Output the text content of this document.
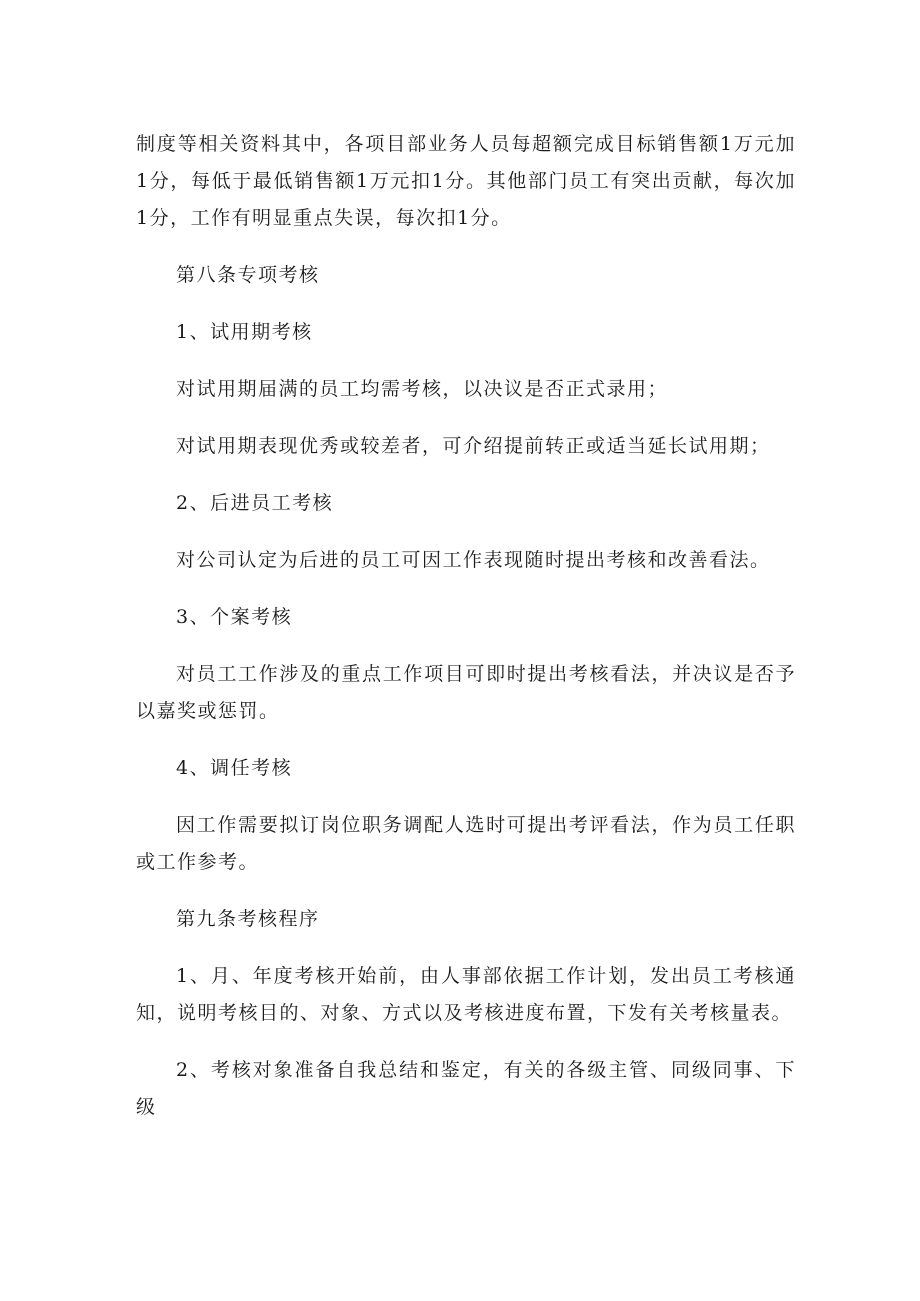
制度等相关资料其中，各项目部业务人员每超额完成目标销售额1万元加1分，每低于最低销售额1万元扣1分。其他部门员工有突出贡献，每次加1分，工作有明显重点失误，每次扣1分。

第八条专项考核

1、试用期考核

对试用期届满的员工均需考核，以决议是否正式录用；

对试用期表现优秀或较差者，可介绍提前转正或适当延长试用期；

2、后进员工考核

对公司认定为后进的员工可因工作表现随时提出考核和改善看法。

3、个案考核

对员工工作涉及的重点工作项目可即时提出考核看法，并决议是否予以嘉奖或惩罚。

4、调任考核

因工作需要拟订岗位职务调配人选时可提出考评看法，作为员工任职或工作参考。

第九条考核程序

1、月、年度考核开始前，由人事部依据工作计划，发出员工考核通知，说明考核目的、对象、方式以及考核进度布置，下发有关考核量表。

2、考核对象准备自我总结和鉴定，有关的各级主管、同级同事、下级
